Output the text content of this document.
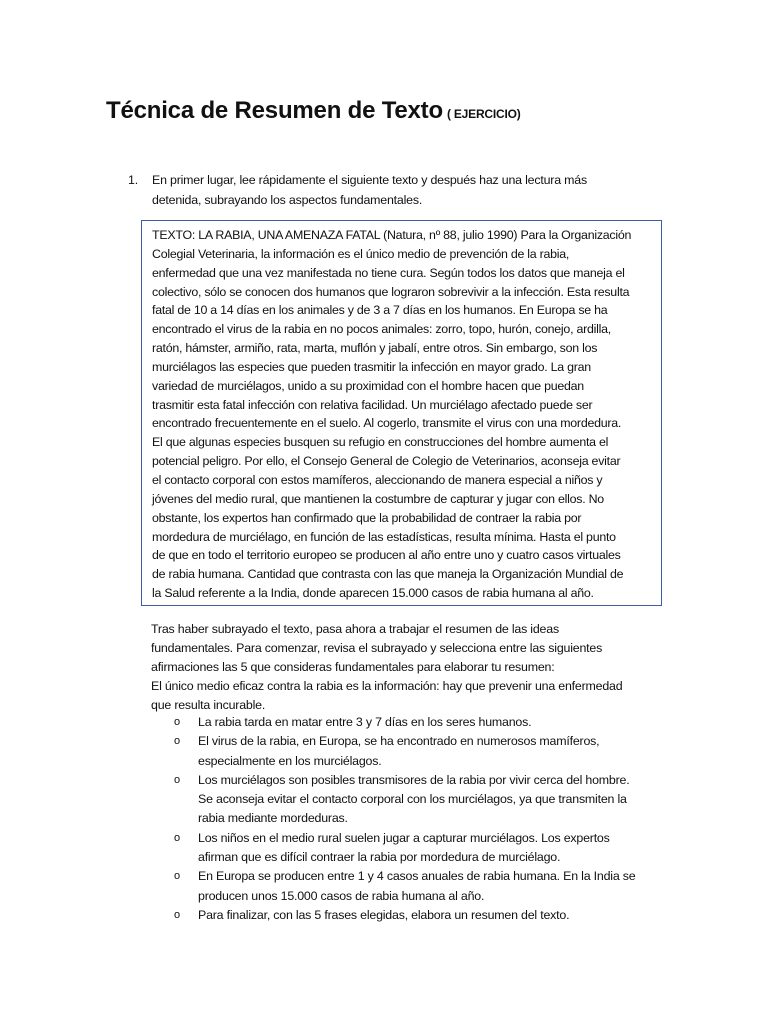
Técnica de Resumen de Texto ( EJERCICIO)
1. En primer lugar, lee rápidamente el siguiente texto y después haz una lectura más
detenida, subrayando los aspectos fundamentales.
TEXTO: LA RABIA, UNA AMENAZA FATAL (Natura, nº 88, julio 1990) Para la Organización
Colegial Veterinaria, la información es el único medio de prevención de la rabia,
enfermedad que una vez manifestada no tiene cura. Según todos los datos que maneja el
colectivo, sólo se conocen dos humanos que lograron sobrevivir a la infección. Esta resulta
fatal de 10 a 14 días en los animales y de 3 a 7 días en los humanos. En Europa se ha
encontrado el virus de la rabia en no pocos animales: zorro, topo, hurón, conejo, ardilla,
ratón, hámster, armiño, rata, marta, muflón y jabalí, entre otros. Sin embargo, son los
murciélagos las especies que pueden trasmitir la infección en mayor grado. La gran
variedad de murciélagos, unido a su proximidad con el hombre hacen que puedan
trasmitir esta fatal infección con relativa facilidad. Un murciélago afectado puede ser
encontrado frecuentemente en el suelo. Al cogerlo, transmite el virus con una mordedura.
El que algunas especies busquen su refugio en construcciones del hombre aumenta el
potencial peligro. Por ello, el Consejo General de Colegio de Veterinarios, aconseja evitar
el contacto corporal con estos mamíferos, aleccionando de manera especial a niños y
jóvenes del medio rural, que mantienen la costumbre de capturar y jugar con ellos. No
obstante, los expertos han confirmado que la probabilidad de contraer la rabia por
mordedura de murciélago, en función de las estadísticas, resulta mínima. Hasta el punto
de que en todo el territorio europeo se producen al año entre uno y cuatro casos virtuales
de rabia humana. Cantidad que contrasta con las que maneja la Organización Mundial de
la Salud referente a la India, donde aparecen 15.000 casos de rabia humana al año.
Tras haber subrayado el texto, pasa ahora a trabajar el resumen de las ideas
fundamentales. Para comenzar, revisa el subrayado y selecciona entre las siguientes
afirmaciones las 5 que consideras fundamentales para elaborar tu resumen:
El único medio eficaz contra la rabia es la información: hay que prevenir una enfermedad
que resulta incurable.
o La rabia tarda en matar entre 3 y 7 días en los seres humanos.
o El virus de la rabia, en Europa, se ha encontrado en numerosos mamíferos,
especialmente en los murciélagos.
o Los murciélagos son posibles transmisores de la rabia por vivir cerca del hombre.
Se aconseja evitar el contacto corporal con los murciélagos, ya que transmiten la
rabia mediante mordeduras.
o Los niños en el medio rural suelen jugar a capturar murciélagos. Los expertos
afirman que es difícil contraer la rabia por mordedura de murciélago.
o En Europa se producen entre 1 y 4 casos anuales de rabia humana. En la India se
producen unos 15.000 casos de rabia humana al año.
o Para finalizar, con las 5 frases elegidas, elabora un resumen del texto.
